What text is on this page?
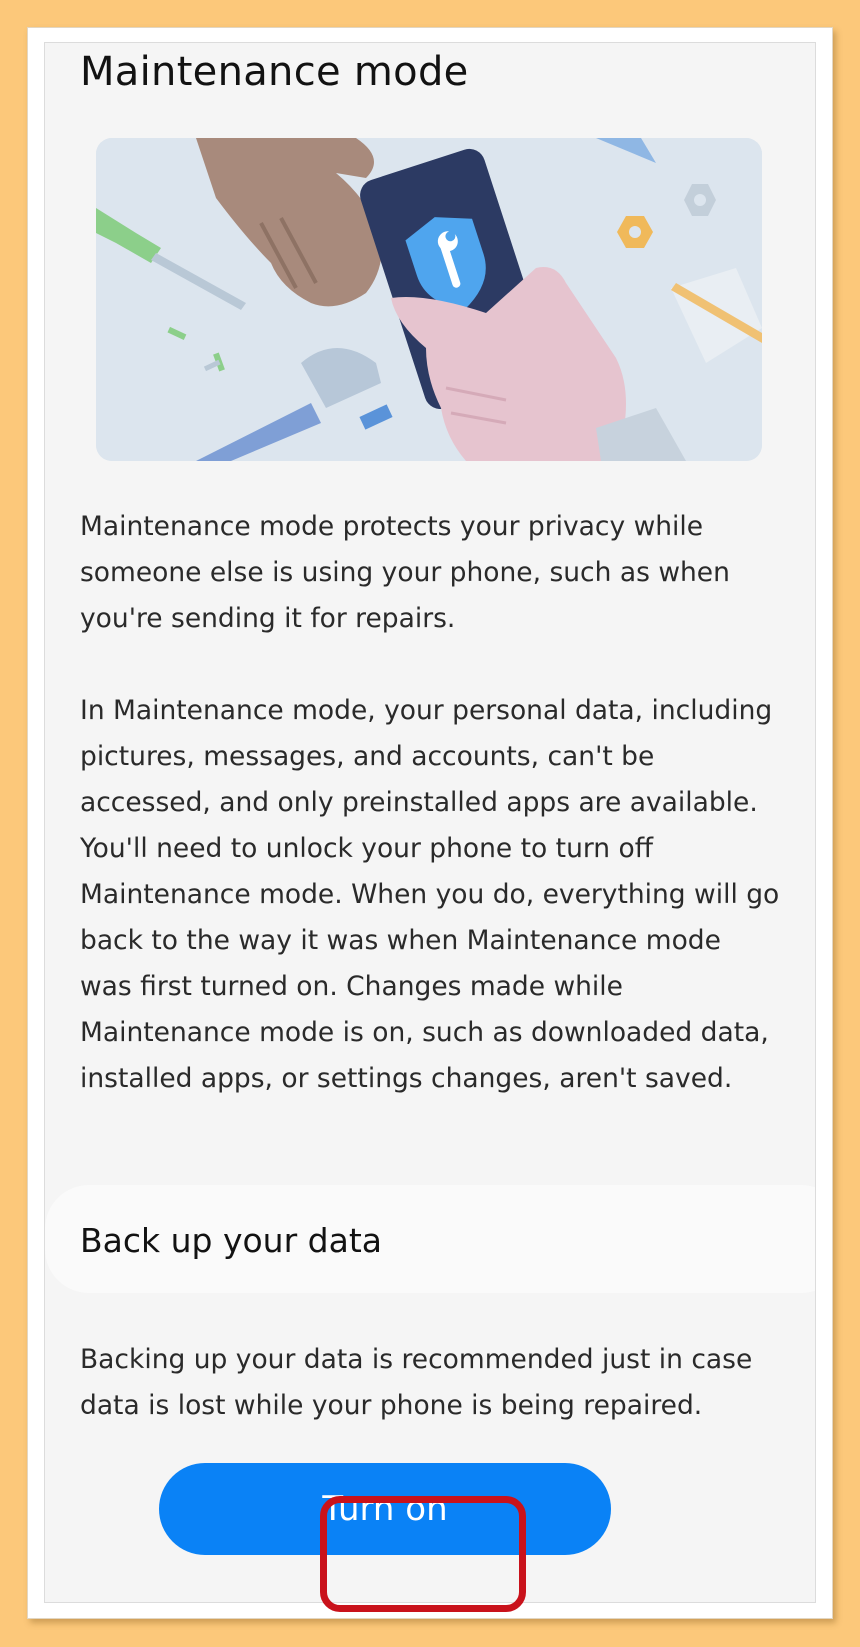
Maintenance mode

Maintenance mode protects your privacy while someone else is using your phone, such as when you're sending it for repairs.

In Maintenance mode, your personal data, including pictures, messages, and accounts, can't be accessed, and only preinstalled apps are available. You'll need to unlock your phone to turn off Maintenance mode. When you do, everything will go back to the way it was when Maintenance mode was first turned on. Changes made while Maintenance mode is on, such as downloaded data, installed apps, or settings changes, aren't saved.

Back up your data

Backing up your data is recommended just in case data is lost while your phone is being repaired.

Turn on
